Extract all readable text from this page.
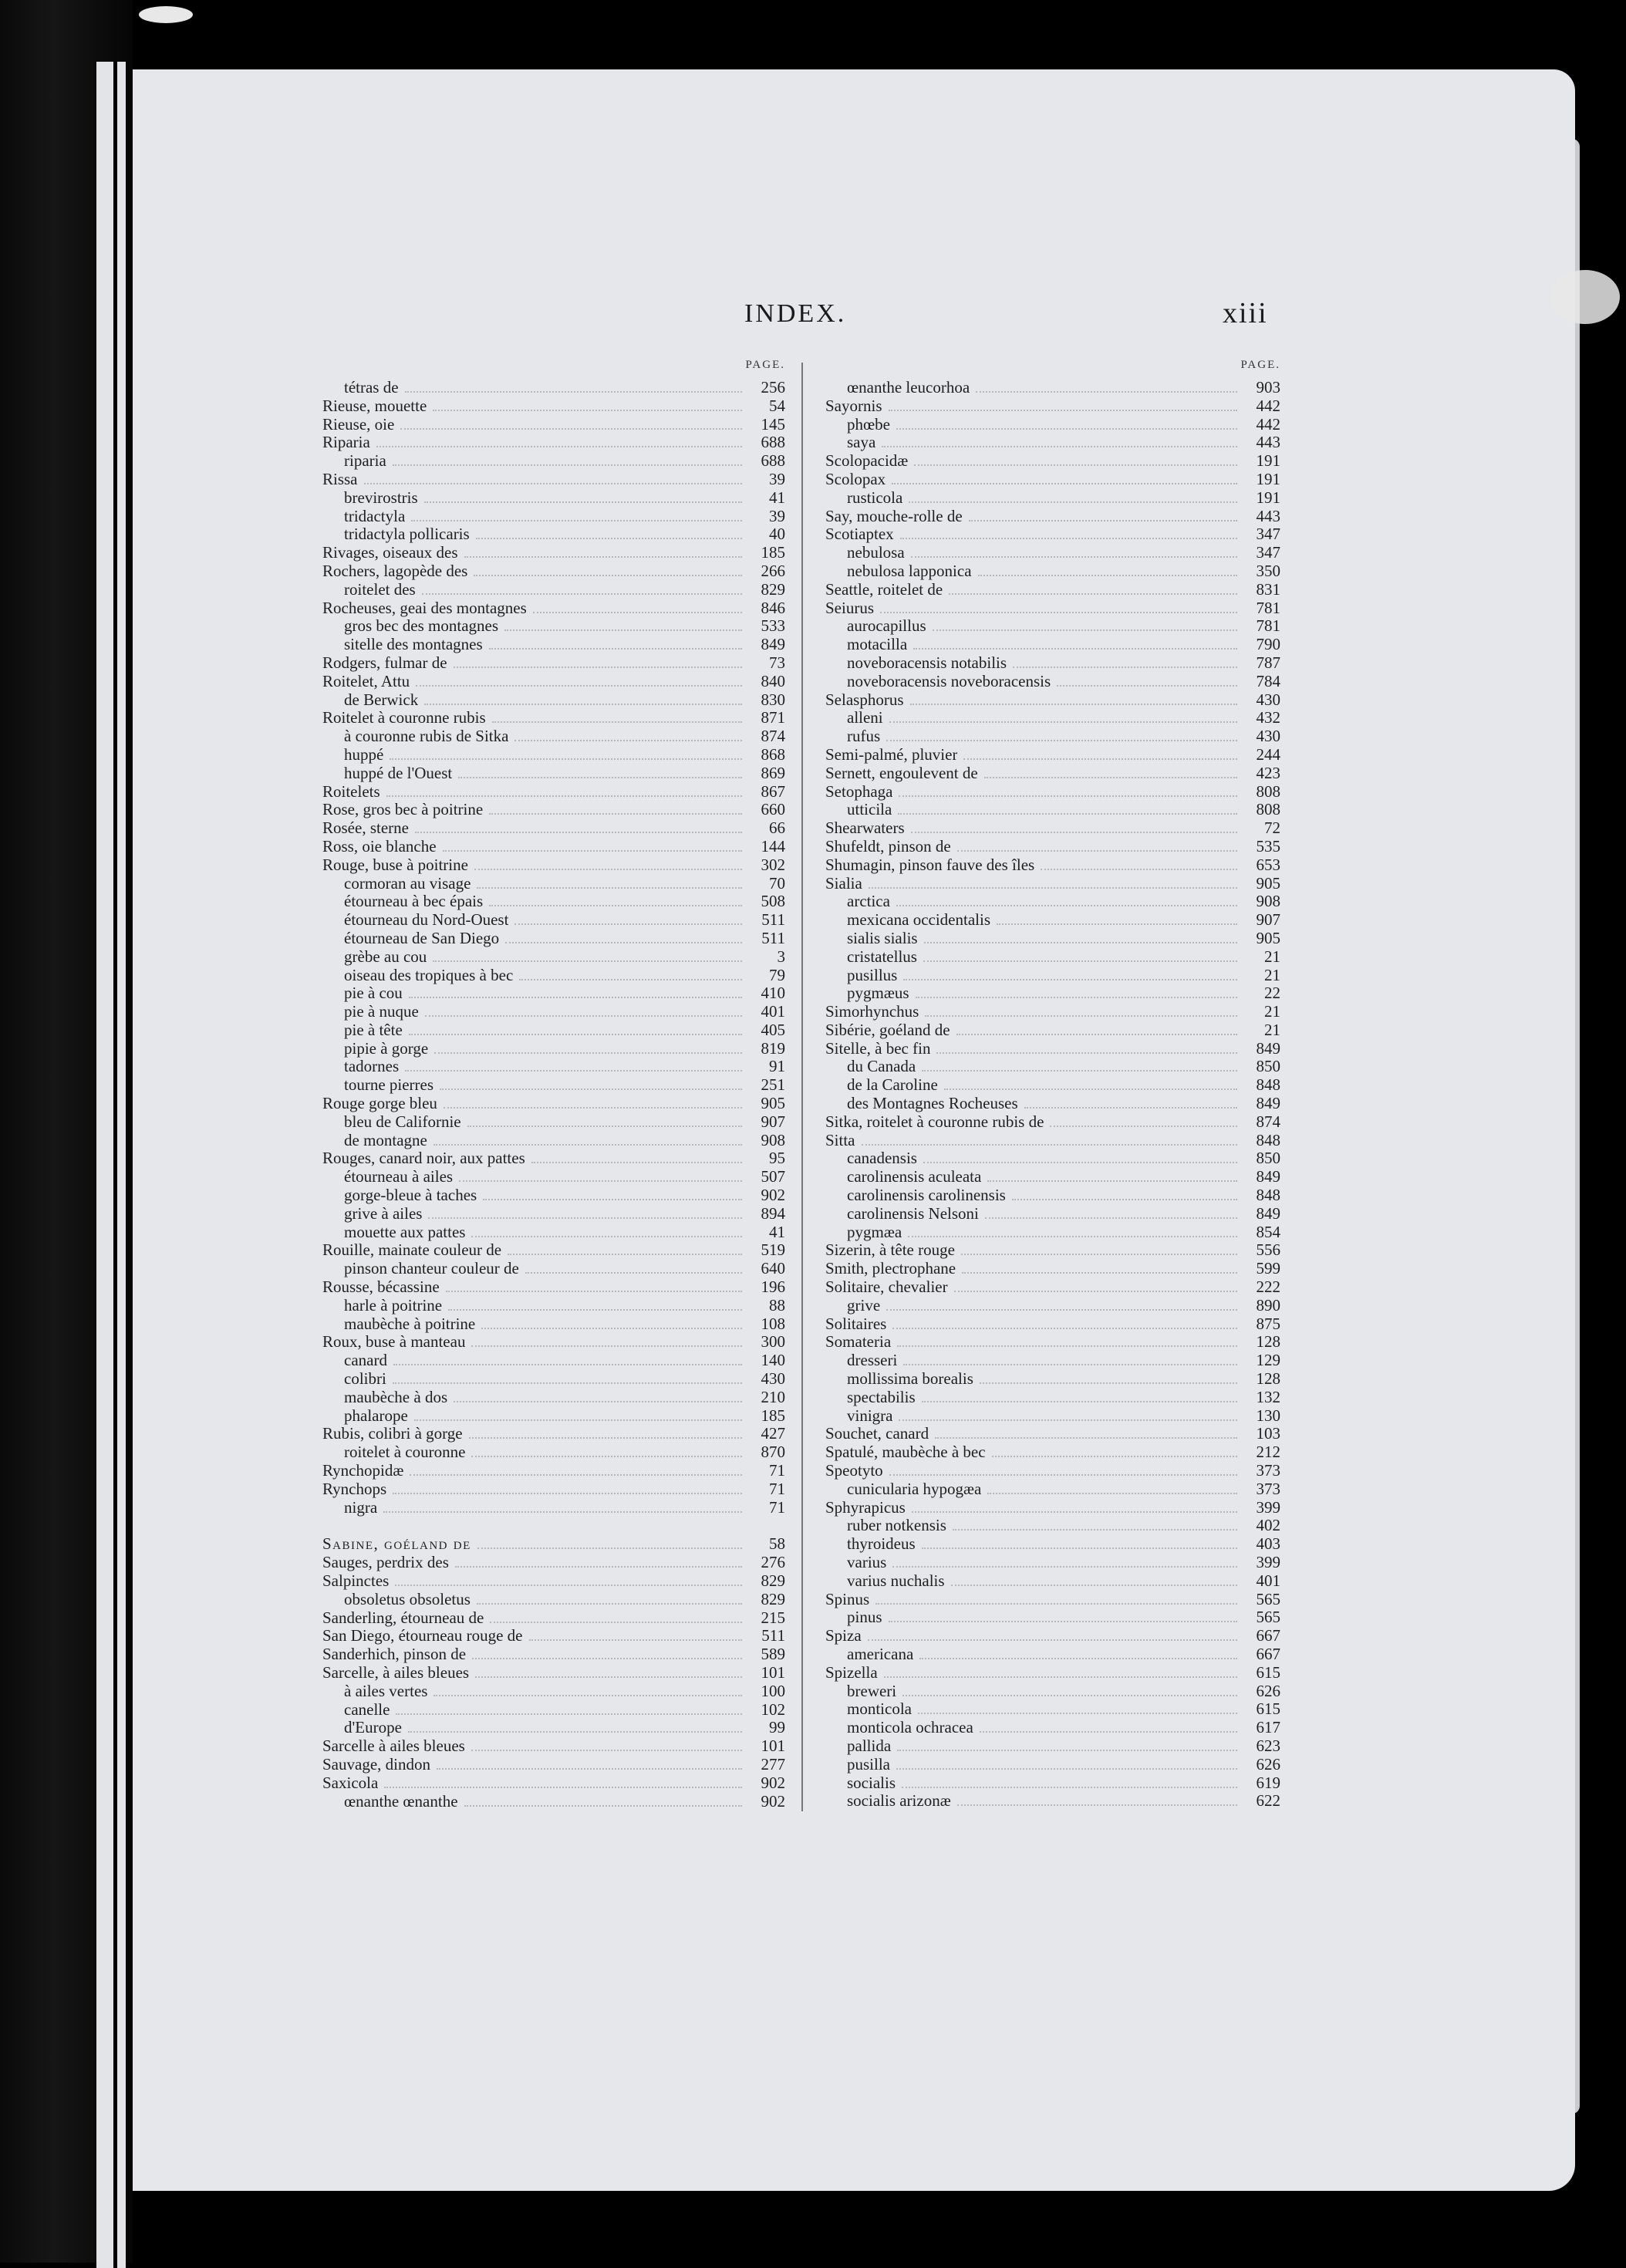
INDEX.	xiii
PAGE.
tétras de	256
Rieuse, mouette	54
Rieuse, oie	145
Riparia	688
riparia	688
Rissa	39
brevirostris	41
tridactyla	39
tridactyla pollicaris	40
Rivages, oiseaux des	185
Rochers, lagopède des	266
roitelet des	829
Rocheuses, geai des montagnes	846
gros bec des montagnes	533
sitelle des montagnes	849
Rodgers, fulmar de	73
Roitelet, Attu	840
de Berwick	830
Roitelet à couronne rubis	871
à couronne rubis de Sitka	874
huppé	868
huppé de l'Ouest	869
Roitelets	867
Rose, gros bec à poitrine	660
Rosée, sterne	66
Ross, oie blanche	144
Rouge, buse à poitrine	302
cormoran au visage	70
étourneau à bec épais	508
étourneau du Nord-Ouest	511
étourneau de San Diego	511
grèbe au cou	3
oiseau des tropiques à bec	79
pie à cou	410
pie à nuque	401
pie à tête	405
pipie à gorge	819
tadornes	91
tourne pierres	251
Rouge gorge bleu	905
bleu de Californie	907
de montagne	908
Rouges, canard noir, aux pattes	95
étourneau à ailes	507
gorge-bleue à taches	902
grive à ailes	894
mouette aux pattes	41
Rouille, mainate couleur de	519
pinson chanteur couleur de	640
Rousse, bécassine	196
harle à poitrine	88
maubèche à poitrine	108
Roux, buse à manteau	300
canard	140
colibri	430
maubèche à dos	210
phalarope	185
Rubis, colibri à gorge	427
roitelet à couronne	870
Rynchopidæ	71
Rynchops	71
nigra	71
Sabine, goéland de	58
Sauges, perdrix des	276
Salpinctes	829
obsoletus obsoletus	829
Sanderling, étourneau de	215
San Diego, étourneau rouge de	511
Sanderhich, pinson de	589
Sarcelle, à ailes bleues	101
à ailes vertes	100
canelle	102
d'Europe	99
Sarcelle à ailes bleues	101
Sauvage, dindon	277
Saxicola	902
œnanthe œnanthe	902
PAGE.
œnanthe leucorhoa	903
Sayornis	442
phœbe	442
saya	443
Scolopacidæ	191
Scolopax	191
rusticola	191
Say, mouche-rolle de	443
Scotiaptex	347
nebulosa	347
nebulosa lapponica	350
Seattle, roitelet de	831
Seiurus	781
aurocapillus	781
motacilla	790
noveboracensis notabilis	787
noveboracensis noveboracensis	784
Selasphorus	430
alleni	432
rufus	430
Semi-palmé, pluvier	244
Sernett, engoulevent de	423
Setophaga	808
utticila	808
Shearwaters	72
Shufeldt, pinson de	535
Shumagin, pinson fauve des îles	653
Sialia	905
arctica	908
mexicana occidentalis	907
sialis sialis	905
cristatellus	21
pusillus	21
pygmæus	22
Simorhynchus	21
Sibérie, goéland de	21
Sitelle, à bec fin	849
du Canada	850
de la Caroline	848
des Montagnes Rocheuses	849
Sitka, roitelet à couronne rubis de	874
Sitta	848
canadensis	850
carolinensis aculeata	849
carolinensis carolinensis	848
carolinensis Nelsoni	849
pygmæa	854
Sizerin, à tête rouge	556
Smith, plectrophane	599
Solitaire, chevalier	222
grive	890
Solitaires	875
Somateria	128
dresseri	129
mollissima borealis	128
spectabilis	132
vinigra	130
Souchet, canard	103
Spatulé, maubèche à bec	212
Speotyto	373
cunicularia hypogæa	373
Sphyrapicus	399
ruber notkensis	402
thyroideus	403
varius	399
varius nuchalis	401
Spinus	565
pinus	565
Spiza	667
americana	667
Spizella	615
breweri	626
monticola	615
monticola ochracea	617
pallida	623
pusilla	626
socialis	619
socialis arizonæ	622
